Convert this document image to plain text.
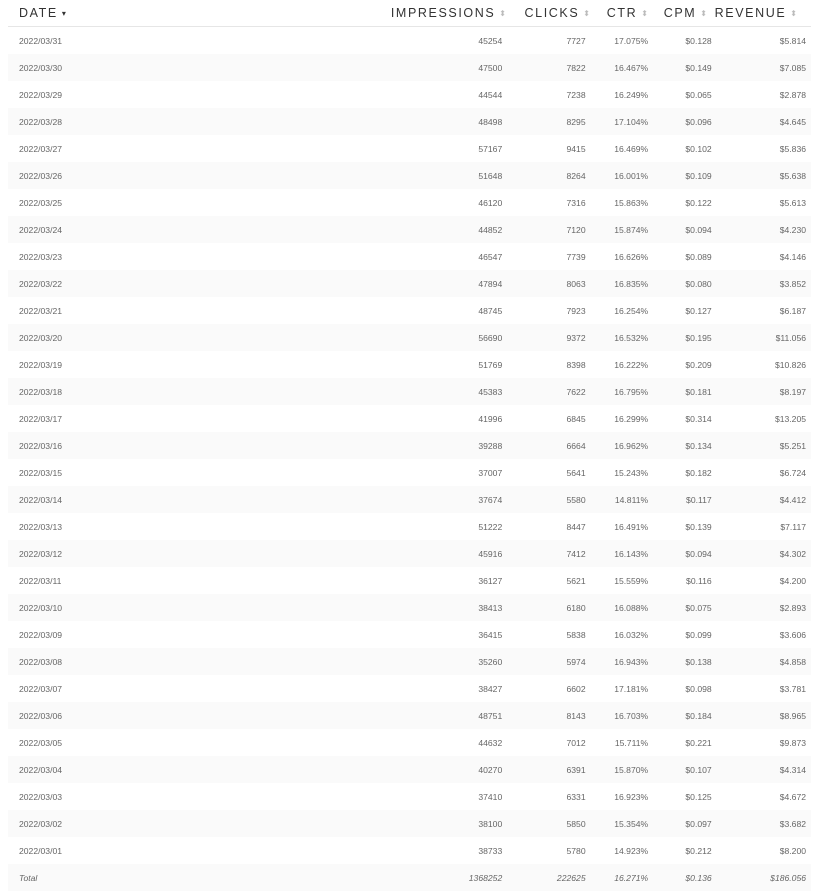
DATE ▾	IMPRESSIONS ⬍ CLICKS ⬍ CTR ⬍ CPM ⬍ REVENUE ⬍
2022/03/31	45254	7727	17.075%	$0.128	$5.814
2022/03/30	47500	7822	16.467%	$0.149	$7.085
2022/03/29	44544	7238	16.249%	$0.065	$2.878
2022/03/28	48498	8295	17.104%	$0.096	$4.645
2022/03/27	57167	9415	16.469%	$0.102	$5.836
2022/03/26	51648	8264	16.001%	$0.109	$5.638
2022/03/25	46120	7316	15.863%	$0.122	$5.613
2022/03/24	44852	7120	15.874%	$0.094	$4.230
2022/03/23	46547	7739	16.626%	$0.089	$4.146
2022/03/22	47894	8063	16.835%	$0.080	$3.852
2022/03/21	48745	7923	16.254%	$0.127	$6.187
2022/03/20	56690	9372	16.532%	$0.195	$11.056
2022/03/19	51769	8398	16.222%	$0.209	$10.826
2022/03/18	45383	7622	16.795%	$0.181	$8.197
2022/03/17	41996	6845	16.299%	$0.314	$13.205
2022/03/16	39288	6664	16.962%	$0.134	$5.251
2022/03/15	37007	5641	15.243%	$0.182	$6.724
2022/03/14	37674	5580	14.811%	$0.117	$4.412
2022/03/13	51222	8447	16.491%	$0.139	$7.117
2022/03/12	45916	7412	16.143%	$0.094	$4.302
2022/03/11	36127	5621	15.559%	$0.116	$4.200
2022/03/10	38413	6180	16.088%	$0.075	$2.893
2022/03/09	36415	5838	16.032%	$0.099	$3.606
2022/03/08	35260	5974	16.943%	$0.138	$4.858
2022/03/07	38427	6602	17.181%	$0.098	$3.781
2022/03/06	48751	8143	16.703%	$0.184	$8.965
2022/03/05	44632	7012	15.711%	$0.221	$9.873
2022/03/04	40270	6391	15.870%	$0.107	$4.314
2022/03/03	37410	6331	16.923%	$0.125	$4.672
2022/03/02	38100	5850	15.354%	$0.097	$3.682
2022/03/01	38733	5780	14.923%	$0.212	$8.200
Total	1368252	222625	16.271%	$0.136	$186.056
